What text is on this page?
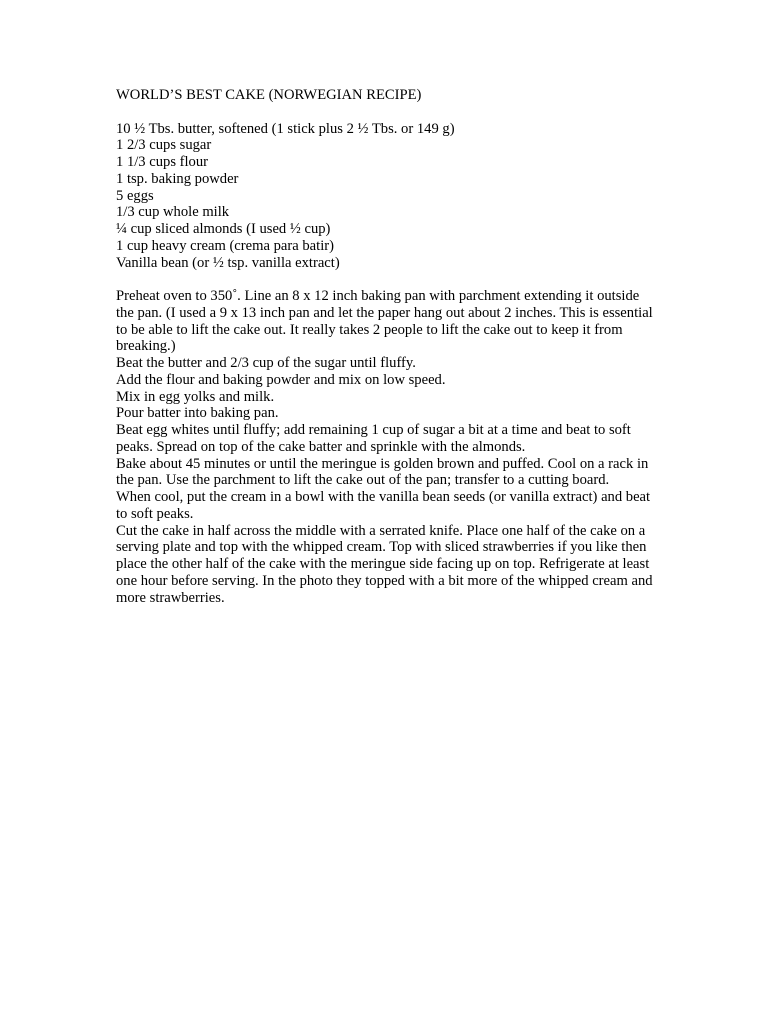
WORLD’S BEST CAKE (NORWEGIAN RECIPE)
10 ½ Tbs. butter, softened (1 stick plus 2 ½ Tbs. or 149 g)
1 2/3 cups sugar
1 1/3 cups flour
1 tsp. baking powder
5 eggs
1/3 cup whole milk
¼ cup sliced almonds (I used ½ cup)
1 cup heavy cream (crema para batir)
Vanilla bean (or ½ tsp. vanilla extract)
Preheat oven to 350˚. Line an 8 x 12 inch baking pan with parchment extending it outside the pan. (I used a 9 x 13 inch pan and let the paper hang out about 2 inches. This is essential to be able to lift the cake out. It really takes 2 people to lift the cake out to keep it from breaking.)
Beat the butter and 2/3 cup of the sugar until fluffy.
Add the flour and baking powder and mix on low speed.
Mix in egg yolks and milk.
Pour batter into baking pan.
Beat egg whites until fluffy; add remaining 1 cup of sugar a bit at a time and beat to soft peaks. Spread on top of the cake batter and sprinkle with the almonds.
Bake about 45 minutes or until the meringue is golden brown and puffed. Cool on a rack in the pan. Use the parchment to lift the cake out of the pan; transfer to a cutting board.
When cool, put the cream in a bowl with the vanilla bean seeds (or vanilla extract) and beat to soft peaks.
Cut the cake in half across the middle with a serrated knife. Place one half of the cake on a serving plate and top with the whipped cream. Top with sliced strawberries if you like then place the other half of the cake with the meringue side facing up on top. Refrigerate at least one hour before serving. In the photo they topped with a bit more of the whipped cream and more strawberries.
